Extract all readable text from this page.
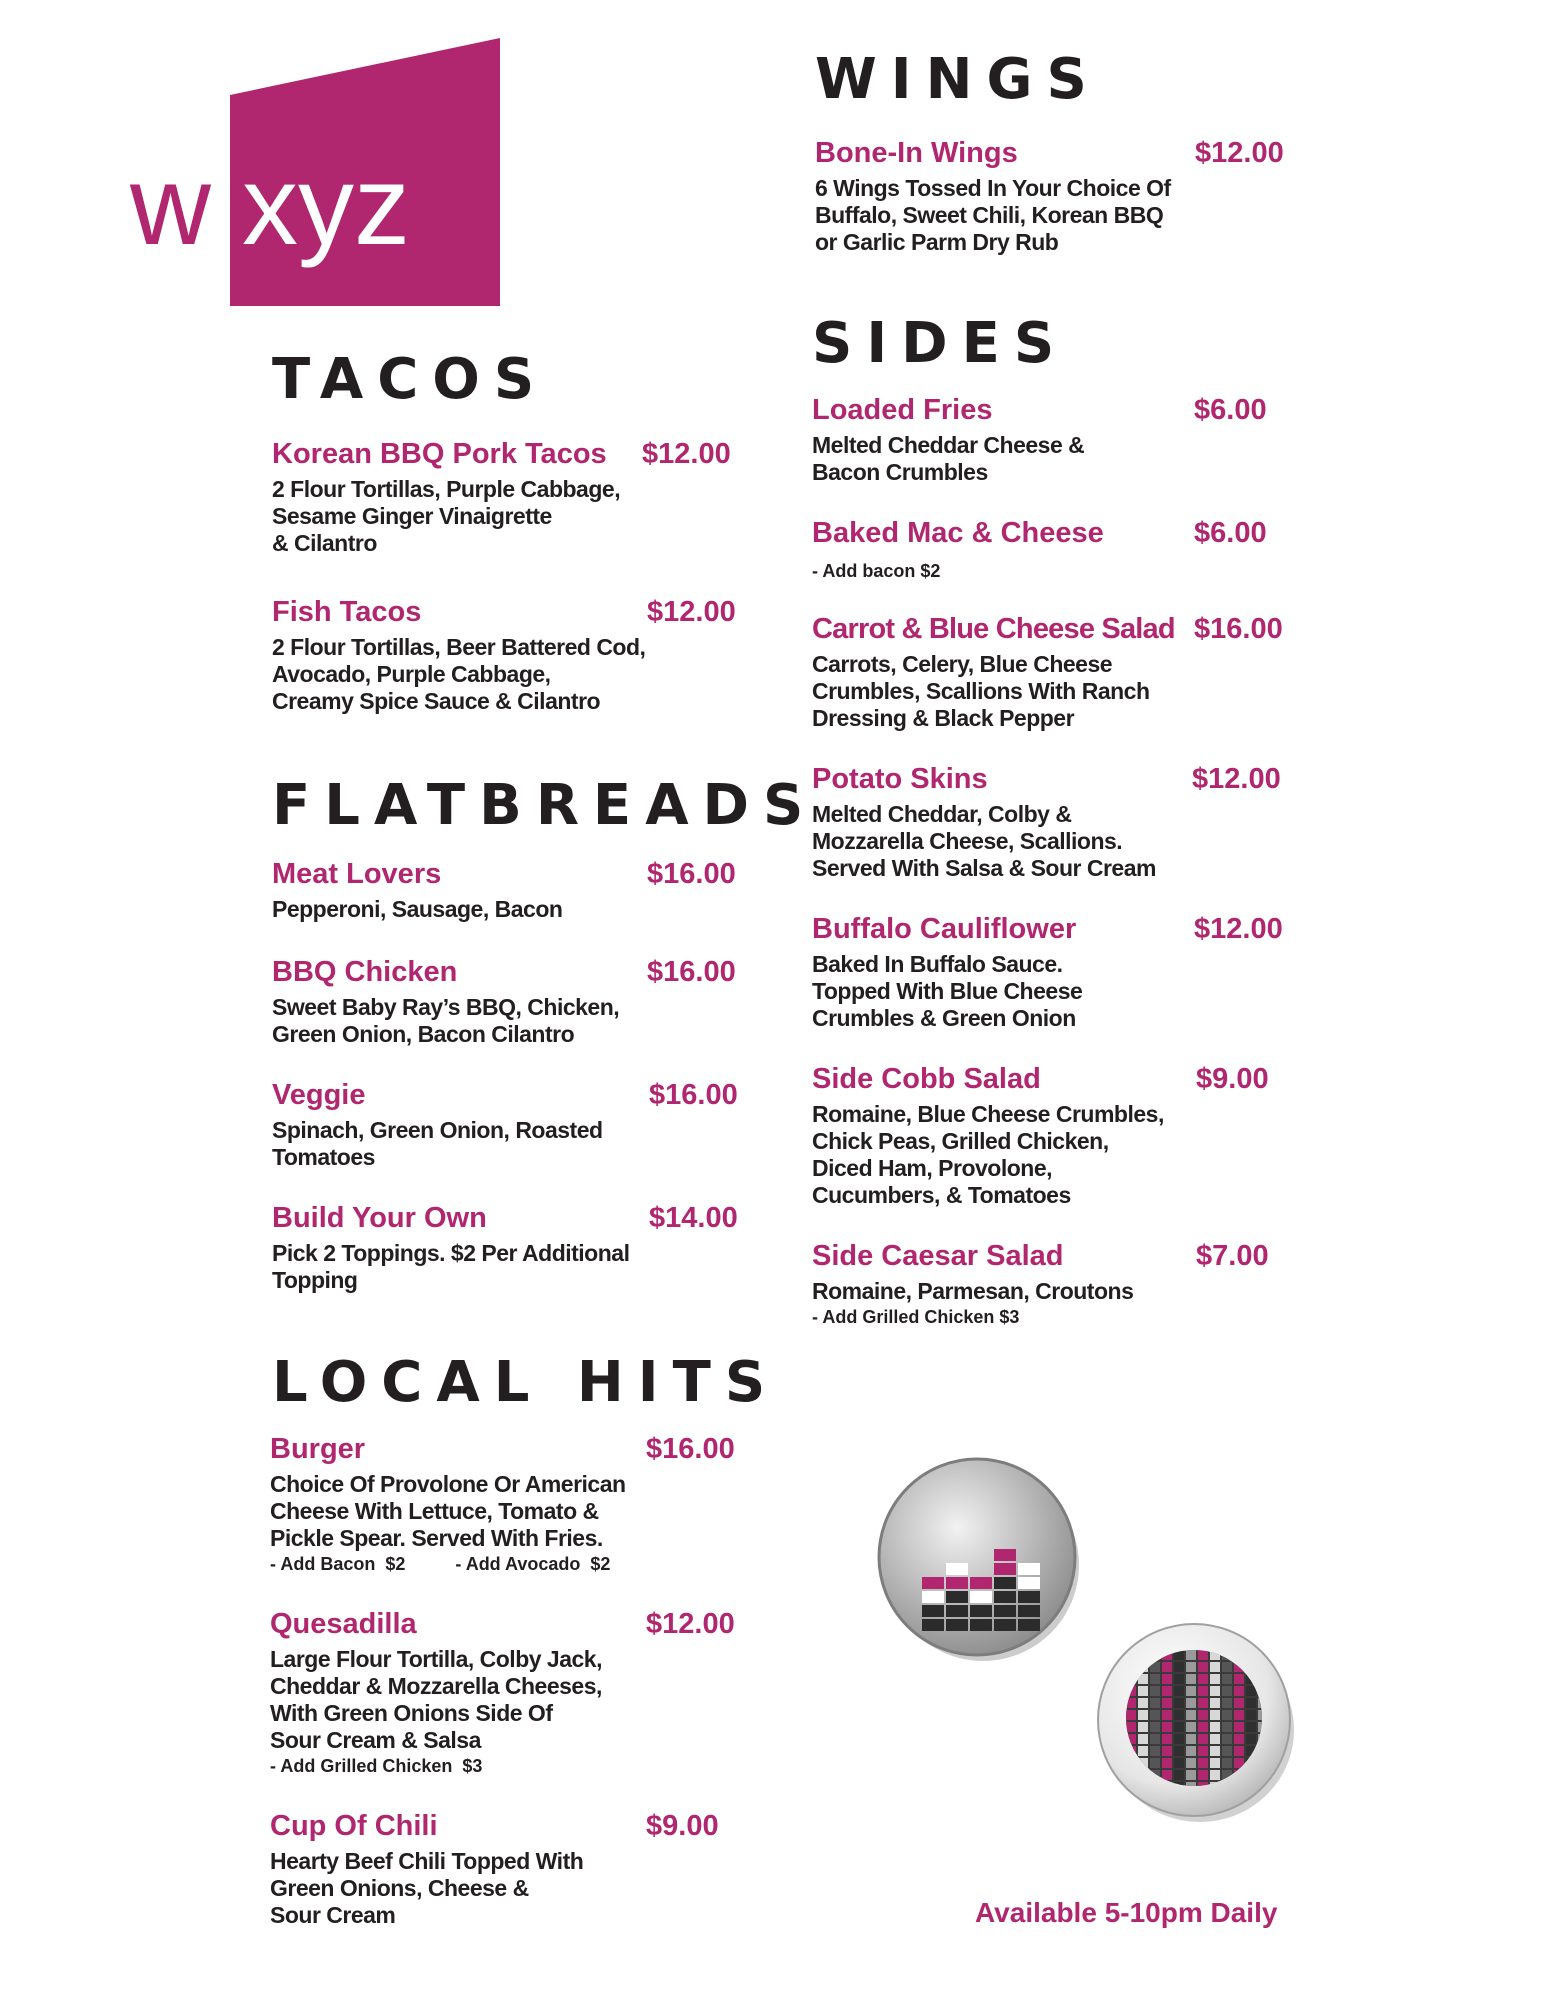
w xyz
TACOS
Korean BBQ Pork Tacos $12.00
2 Flour Tortillas, Purple Cabbage,
Sesame Ginger Vinaigrette
& Cilantro
Fish Tacos	$12.00
2 Flour Tortillas, Beer Battered Cod,
Avocado, Purple Cabbage,
Creamy Spice Sauce & Cilantro
FLATBREADS
Meat Lovers	$16.00
Pepperoni, Sausage, Bacon
BBQ Chicken	$16.00
Sweet Baby Ray’s BBQ, Chicken,
Green Onion, Bacon Cilantro
Veggie	$16.00
Spinach, Green Onion, Roasted
Tomatoes
Build Your Own	$14.00
Pick 2 Toppings. $2 Per Additional
Topping
LOCAL HITS
Burger	$16.00
Choice Of Provolone Or American
Cheese With Lettuce, Tomato &
Pickle Spear. Served With Fries.
- Add Bacon  $2          - Add Avocado  $2
Quesadilla	$12.00
Large Flour Tortilla, Colby Jack,
Cheddar & Mozzarella Cheeses,
With Green Onions Side Of
Sour Cream & Salsa
- Add Grilled Chicken  $3
Cup Of Chili	$9.00
Hearty Beef Chili Topped With
Green Onions, Cheese &
Sour Cream
WINGS
Bone-In Wings	$12.00
6 Wings Tossed In Your Choice Of
Buffalo, Sweet Chili, Korean BBQ
or Garlic Parm Dry Rub
SIDES
Loaded Fries	$6.00
Melted Cheddar Cheese &
Bacon Crumbles
Baked Mac & Cheese	$6.00
- Add bacon $2
Carrot & Blue Cheese Salad $16.00
Carrots, Celery, Blue Cheese
Crumbles, Scallions With Ranch
Dressing & Black Pepper
Potato Skins	$12.00
Melted Cheddar, Colby &
Mozzarella Cheese, Scallions.
Served With Salsa & Sour Cream
Buffalo Cauliflower	$12.00
Baked In Buffalo Sauce.
Topped With Blue Cheese
Crumbles & Green Onion
Side Cobb Salad	$9.00
Romaine, Blue Cheese Crumbles,
Chick Peas, Grilled Chicken,
Diced Ham, Provolone,
Cucumbers, & Tomatoes
Side Caesar Salad	$7.00
Romaine, Parmesan, Croutons
- Add Grilled Chicken $3
Available 5-10pm Daily
